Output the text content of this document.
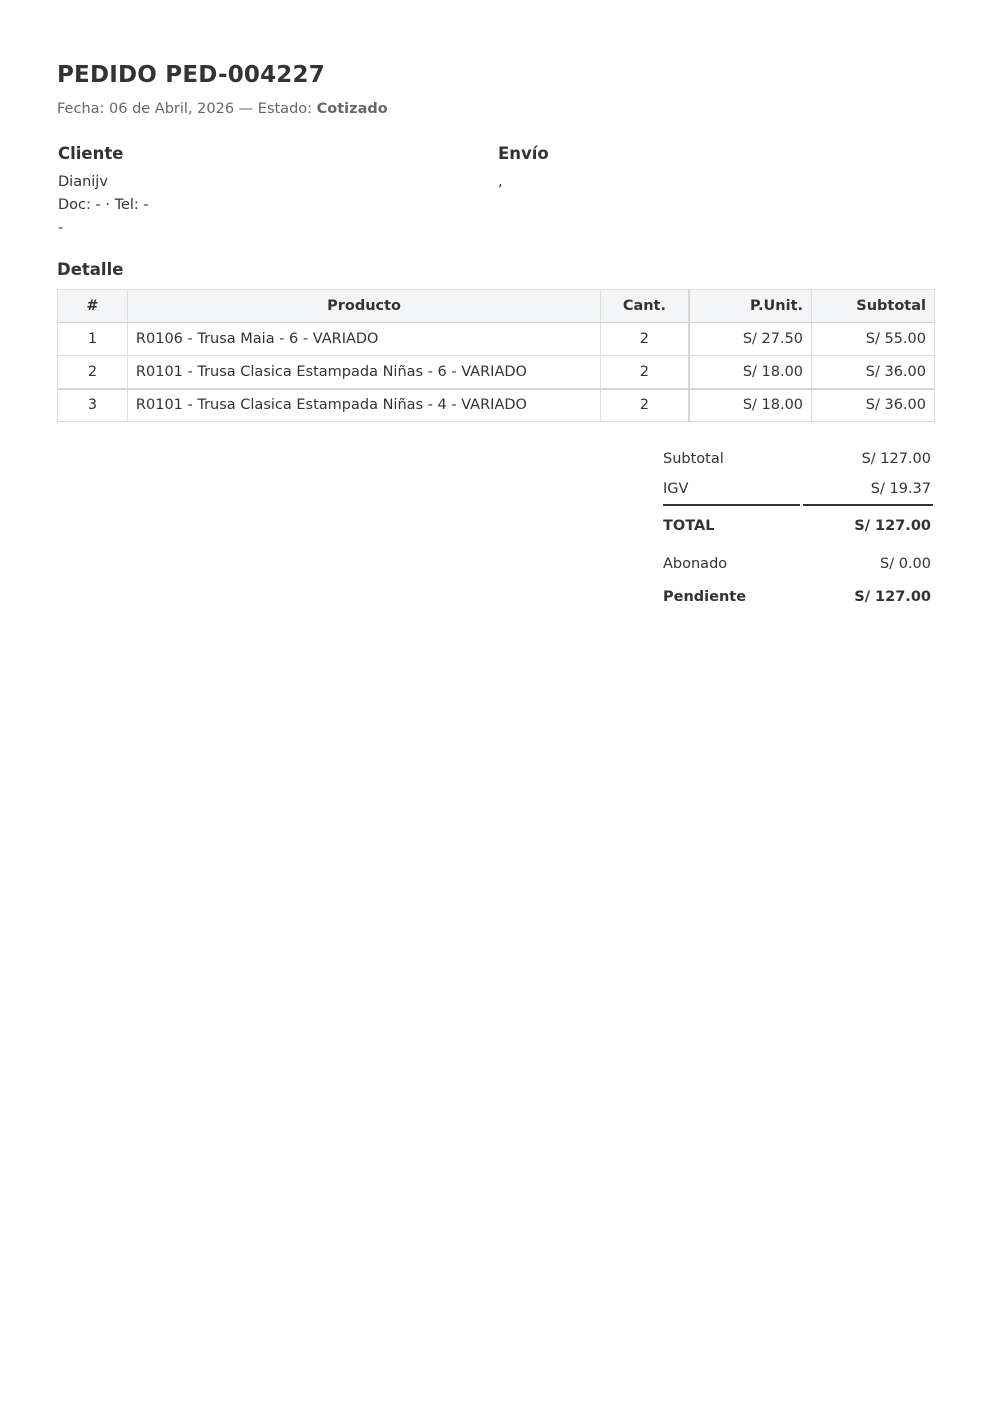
PEDIDO PED-004227
Fecha: 06 de Abril, 2026 — Estado: Cotizado
Cliente
Dianijv
Doc: - · Tel: -
-
Envío
,
Detalle
#	Producto	Cant.	P.Unit.	Subtotal
1	R0106 - Trusa Maia - 6 - VARIADO	2	S/ 27.50	S/ 55.00
2	R0101 - Trusa Clasica Estampada Niñas - 6 - VARIADO	2	S/ 18.00	S/ 36.00
3	R0101 - Trusa Clasica Estampada Niñas - 4 - VARIADO	2	S/ 18.00	S/ 36.00
Subtotal	S/ 127.00
IGV	S/ 19.37
TOTAL	S/ 127.00
Abonado	S/ 0.00
Pendiente	S/ 127.00
